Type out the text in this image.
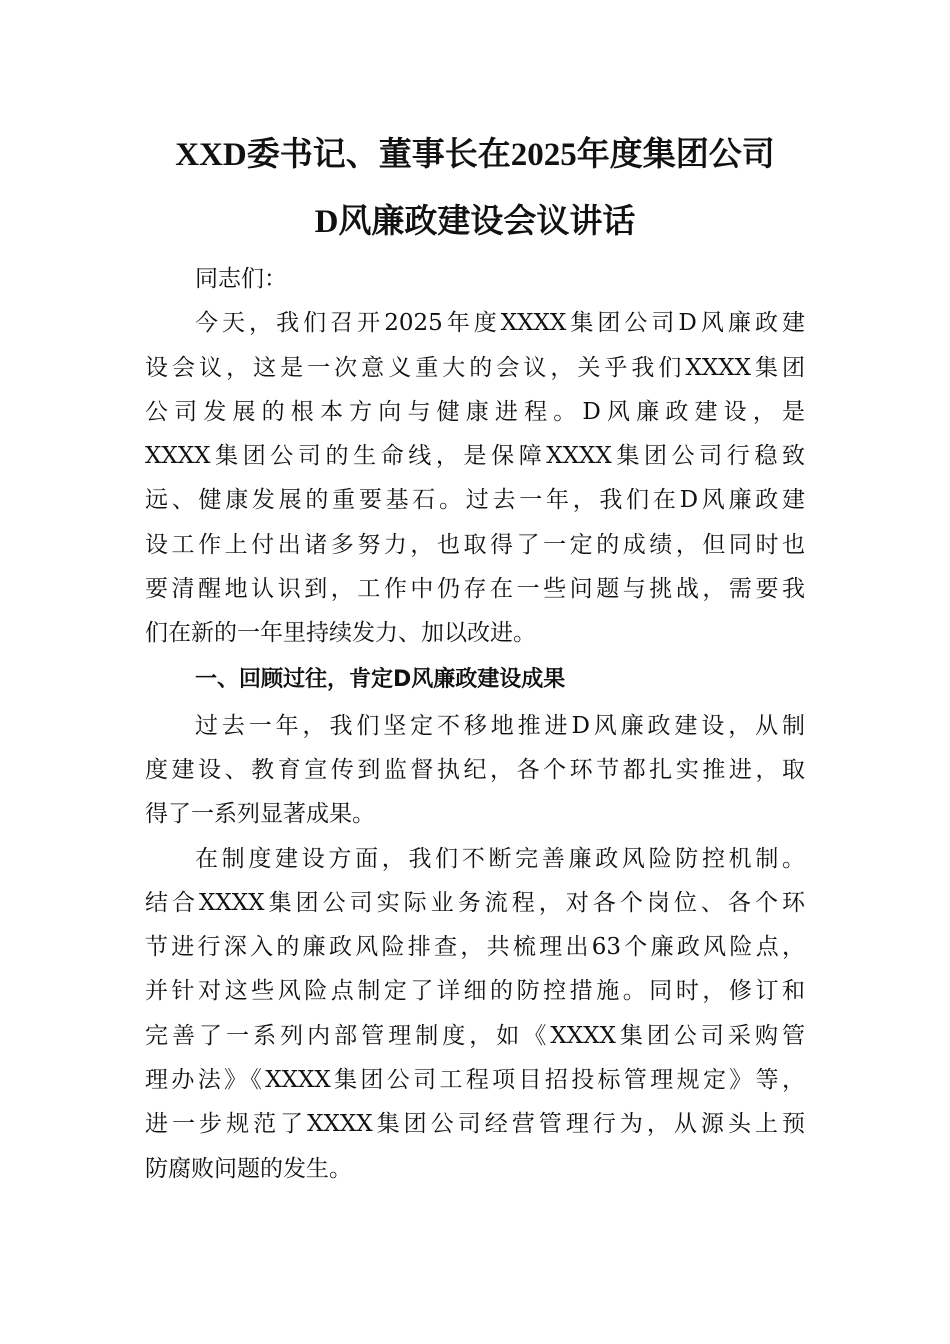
XXD委书记、董事长在2025年度集团公司
D风廉政建设会议讲话
同志们：
今天，我们召开2025年度XXXX集团公司D风廉政建
设会议，这是一次意义重大的会议，关乎我们XXXX集团
公司发展的根本方向与健康进程。D风廉政建设，是
XXXX集团公司的生命线，是保障XXXX集团公司行稳致
远、健康发展的重要基石。过去一年，我们在D风廉政建
设工作上付出诸多努力，也取得了一定的成绩，但同时也
要清醒地认识到，工作中仍存在一些问题与挑战，需要我
们在新的一年里持续发力、加以改进。
一、回顾过往，肯定D风廉政建设成果
过去一年，我们坚定不移地推进D风廉政建设，从制
度建设、教育宣传到监督执纪，各个环节都扎实推进，取
得了一系列显著成果。
在制度建设方面，我们不断完善廉政风险防控机制。
结合XXXX集团公司实际业务流程，对各个岗位、各个环
节进行深入的廉政风险排查，共梳理出63个廉政风险点，
并针对这些风险点制定了详细的防控措施。同时，修订和
完善了一系列内部管理制度，如《XXXX集团公司采购管
理办法》《XXXX集团公司工程项目招投标管理规定》等，
进一步规范了XXXX集团公司经营管理行为，从源头上预
防腐败问题的发生。
